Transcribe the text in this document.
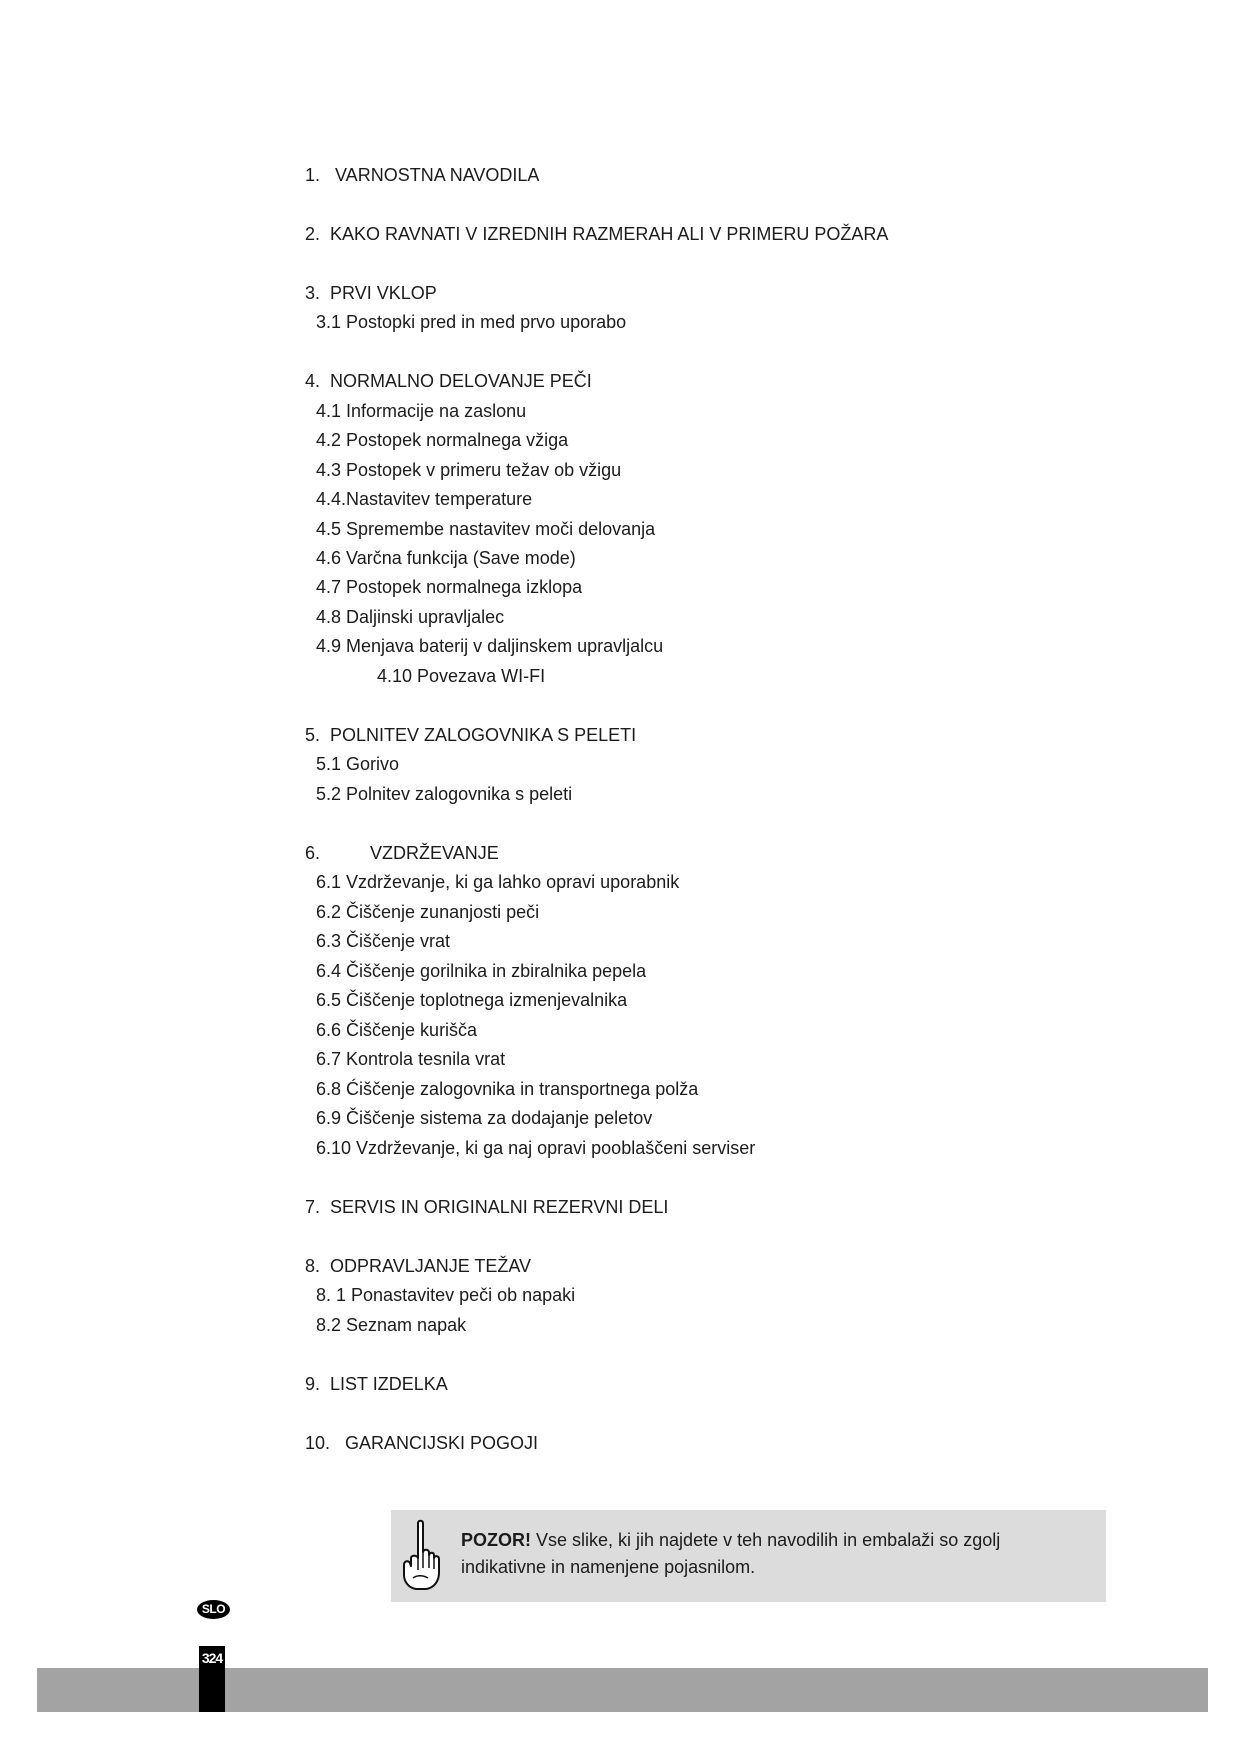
1.   VARNOSTNA NAVODILA
2.  KAKO RAVNATI V IZREDNIH RAZMERAH ALI V PRIMERU POŽARA
3.  PRVI VKLOP
3.1 Postopki pred in med prvo uporabo
4.  NORMALNO DELOVANJE PEČI
4.1 Informacije na zaslonu
4.2 Postopek normalnega vžiga
4.3 Postopek v primeru težav ob vžigu
4.4.Nastavitev temperature
4.5 Spremembe nastavitev moči delovanja
4.6 Varčna funkcija (Save mode)
4.7 Postopek normalnega izklopa
4.8 Daljinski upravljalec
4.9 Menjava baterij v daljinskem upravljalcu
4.10 Povezava WI-FI
5.  POLNITEV ZALOGOVNIKA S PELETI
5.1 Gorivo
5.2 Polnitev zalogovnika s peleti
6.          VZDRŽEVANJE
6.1 Vzdrževanje, ki ga lahko opravi uporabnik
6.2 Čiščenje zunanjosti peči
6.3 Čiščenje vrat
6.4 Čiščenje gorilnika in zbiralnika pepela
6.5 Čiščenje toplotnega izmenjevalnika
6.6 Čiščenje kurišča
6.7 Kontrola tesnila vrat
6.8 Ćiščenje zalogovnika in transportnega polža
6.9 Čiščenje sistema za dodajanje peletov
6.10 Vzdrževanje, ki ga naj opravi pooblaščeni serviser
7.  SERVIS IN ORIGINALNI REZERVNI DELI
8.  ODPRAVLJANJE TEŽAV
8. 1 Ponastavitev peči ob napaki
8.2 Seznam napak
9.  LIST IZDELKA
10.   GARANCIJSKI POGOJI
POZOR! Vse slike, ki jih najdete v teh navodilih in embalaži so zgolj indikativne in namenjene pojasnilom.
SLO
324
